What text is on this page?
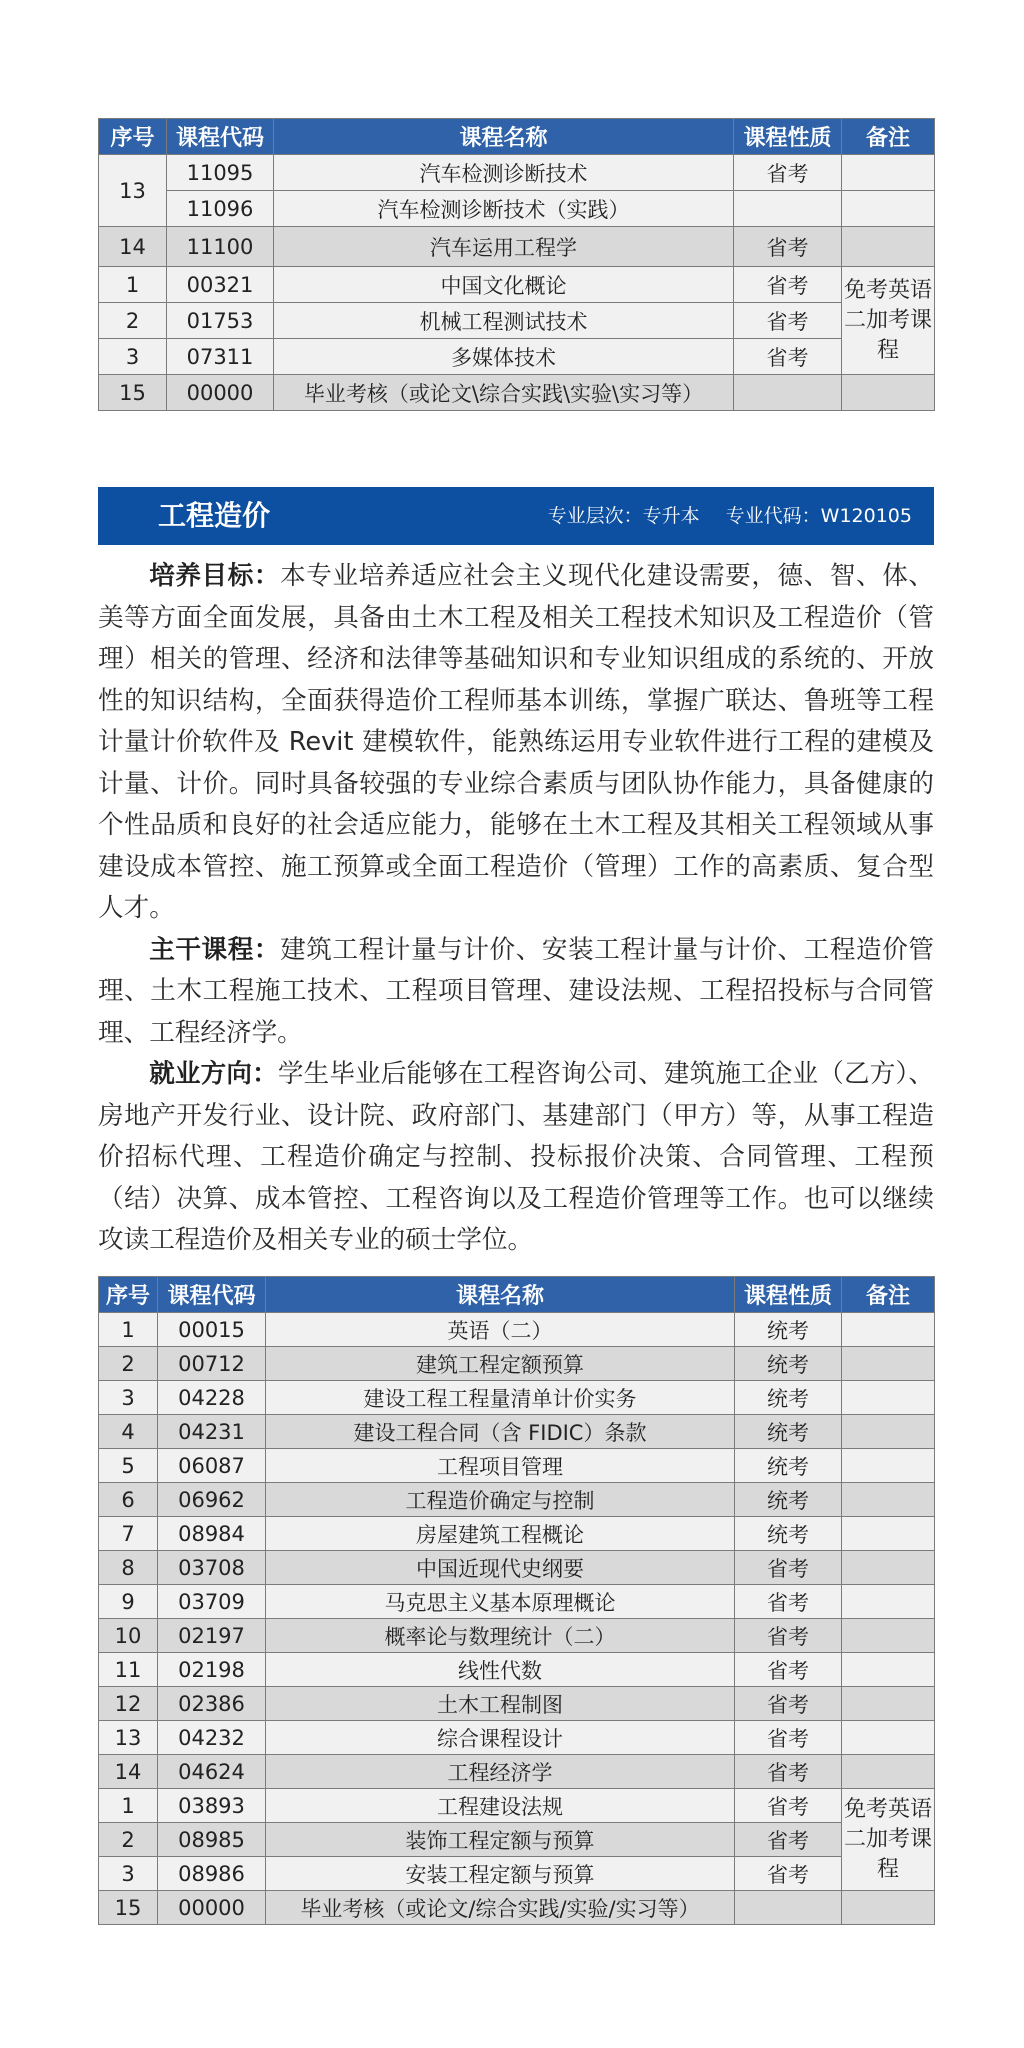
序号	课程代码	课程名称	课程性质	备注
13	11095	汽车检测诊断技术	省考	
	11096	汽车检测诊断技术（实践）		
14	11100	汽车运用工程学	省考	
1	00321	中国文化概论	省考	免考英语二加考课程
2	01753	机械工程测试技术	省考	
3	07311	多媒体技术	省考	
15	00000	毕业考核（或论文\综合实践\实验\实习等）		
工程造价	专业层次：专升本 专业代码：W120105

培养目标：本专业培养适应社会主义现代化建设需要，德、智、体、美等方面全面发展，具备由土木工程及相关工程技术知识及工程造价（管理）相关的管理、经济和法律等基础知识和专业知识组成的系统的、开放性的知识结构，全面获得造价工程师基本训练，掌握广联达、鲁班等工程计量计价软件及 Revit 建模软件，能熟练运用专业软件进行工程的建模及计量、计价。同时具备较强的专业综合素质与团队协作能力，具备健康的个性品质和良好的社会适应能力，能够在土木工程及其相关工程领域从事建设成本管控、施工预算或全面工程造价（管理）工作的高素质、复合型人才。

主干课程：建筑工程计量与计价、安装工程计量与计价、工程造价管理、土木工程施工技术、工程项目管理、建设法规、工程招投标与合同管理、工程经济学。

就业方向：学生毕业后能够在工程咨询公司、建筑施工企业（乙方）、房地产开发行业、设计院、政府部门、基建部门（甲方）等，从事工程造价招标代理、工程造价确定与控制、投标报价决策、合同管理、工程预（结）决算、成本管控、工程咨询以及工程造价管理等工作。也可以继续攻读工程造价及相关专业的硕士学位。

序号	课程代码	课程名称	课程性质	备注
1	00015	英语（二）	统考	
2	00712	建筑工程定额预算	统考	
3	04228	建设工程工程量清单计价实务	统考	
4	04231	建设工程合同（含 FIDIC）条款	统考	
5	06087	工程项目管理	统考	
6	06962	工程造价确定与控制	统考	
7	08984	房屋建筑工程概论	统考	
8	03708	中国近现代史纲要	省考	
9	03709	马克思主义基本原理概论	省考	
10	02197	概率论与数理统计（二）	省考	
11	02198	线性代数	省考	
12	02386	土木工程制图	省考	
13	04232	综合课程设计	省考	
14	04624	工程经济学	省考	
1	03893	工程建设法规	省考	免考英语二加考课程
2	08985	装饰工程定额与预算	省考	
3	08986	安装工程定额与预算	省考	
15	00000	毕业考核（或论文/综合实践/实验/实习等）		
